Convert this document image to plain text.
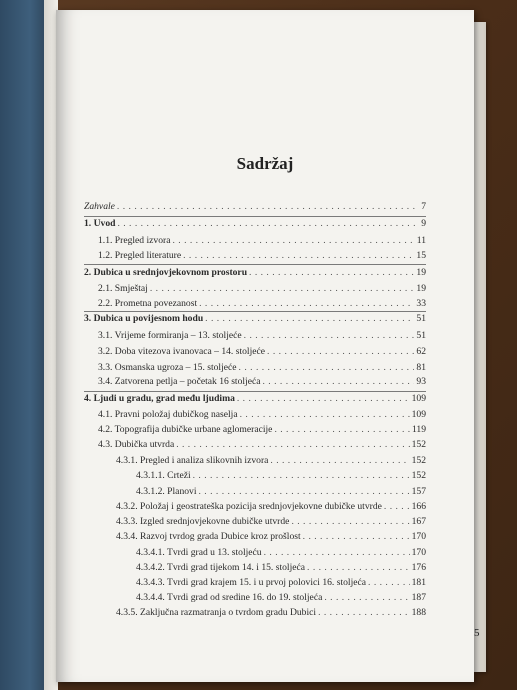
Sadržaj
5
Zahvale . . .	7
1. Uvod . . .	9
1.1. Pregled izvora . . .	11
1.2. Pregled literature . . .	15
2. Dubica u srednjovjekovnom prostoru . . .	19
2.1. Smještaj . . .	19
2.2. Prometna povezanost . . .	33
3. Dubica u povijesnom hodu . . .	51
3.1. Vrijeme formiranja – 13. stoljeće . . .	51
3.2. Doba vitezova ivanovaca – 14. stoljeće . . .	62
3.3. Osmanska ugroza – 15. stoljeće . . .	81
3.4. Zatvorena petlja – početak 16 stoljeća . . .	93
4. Ljudi u gradu, grad među ljudima . . .	109
4.1. Pravni položaj dubičkog naselja . . .	109
4.2. Topografija dubičke urbane aglomeracije . . .	119
4.3. Dubička utvrda . . .	152
4.3.1. Pregled i analiza slikovnih izvora . . .	152
4.3.1.1. Crteži . . .	152
4.3.1.2. Planovi . . .	157
4.3.2. Položaj i geostrateška pozicija srednjovjekovne dubičke utvrde . . .	166
4.3.3. Izgled srednjovjekovne dubičke utvrde . . .	167
4.3.4. Razvoj tvrdog grada Dubice kroz prošlost . . .	170
4.3.4.1. Tvrdi grad u 13. stoljeću . . .	170
4.3.4.2. Tvrdi grad tijekom 14. i 15. stoljeća . . .	176
4.3.4.3. Tvrdi grad krajem 15. i u prvoj polovici 16. stoljeća . . .	181
4.3.4.4. Tvrdi grad od sredine 16. do 19. stoljeća . . .	187
4.3.5. Zaključna razmatranja o tvrdom gradu Dubici . . .	188
